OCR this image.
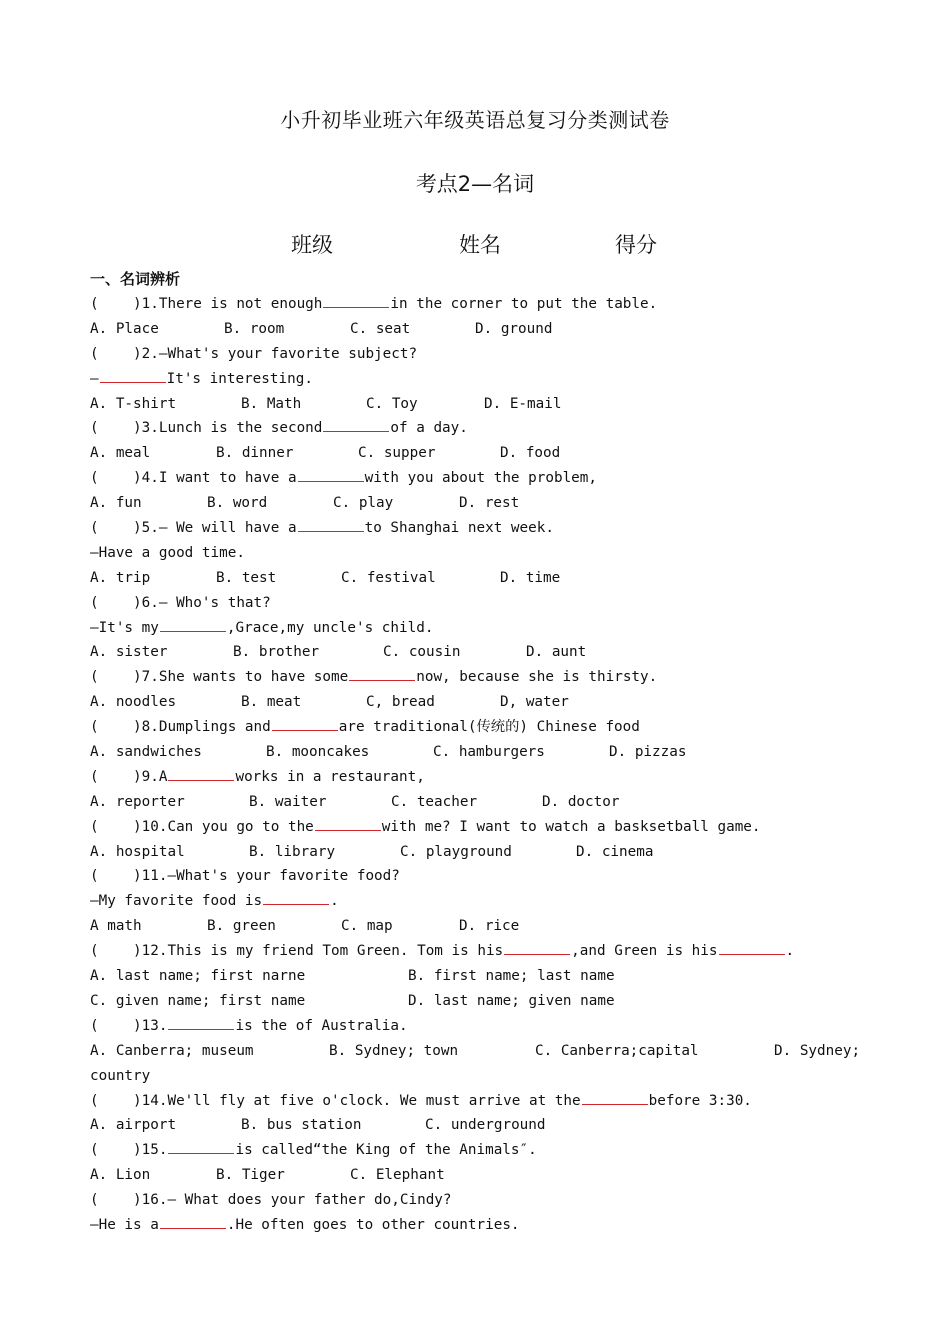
小升初毕业班六年级英语总复习分类测试卷
考点2—名词
班级	姓名	得分
一、名词辨析
(    )1.There is not enough	in the corner to put the table.

A. Place

	B. room

	C. seat

	D. ground

(    )2.—What's your favorite subject?
—	It's interesting.

A. T-shirt

	B. Math

	C. Toy

	D. E-mail

(    )3.Lunch is the second	of a day.

A. meal

	B. dinner

	C. supper

	D. food

(    )4.I want to have a	with you about the problem,

A. fun

	B. word

	C. play

	D. rest

(    )5.— We will have a	to Shanghai next week.
—Have a good time.

A. trip

	B. test

	C. festival

	D. time

(    )6.— Who's that?
—It's my	,Grace,my uncle's child.

A. sister

	B. brother

	C. cousin

	D. aunt

(    )7.She wants to have some	now, because she is thirsty.

A. noodles

	B. meat

	C, bread

	D, water

(    )8.Dumplings and	are traditional(传统的) Chinese food

A. sandwiches

	B. mooncakes

	C. hamburgers

	D. pizzas

(    )9.A	works in a restaurant,

A. reporter

	B. waiter

	C. teacher

	D. doctor

(    )10.Can you go to the	with me? I want to watch a basksetball game.

A. hospital

	B. library

	C. playground

	D. cinema

(    )11.—What's your favorite food?
—My favorite food is	.

A math

	B. green

	C. map

	D. rice

(    )12.This is my friend Tom Green. Tom is his	,and Green is his	.

A. last name; first narne

	B. first name; last name

C. given name; first name

	D. last name; given name

(    )13.	is the of Australia.

A. Canberra; museum

	B. Sydney; town

	C. Canberra;capital

	D. Sydney;

country
(    )14.We'll fly at five o'clock. We must arrive at the	before 3:30.

A. airport

	B. bus station

	C. underground

(    )15.	is called“the King of the Animals″.

A. Lion

	B. Tiger

	C. Elephant

(    )16.— What does your father do,Cindy?
—He is a	.He often goes to other countries.
